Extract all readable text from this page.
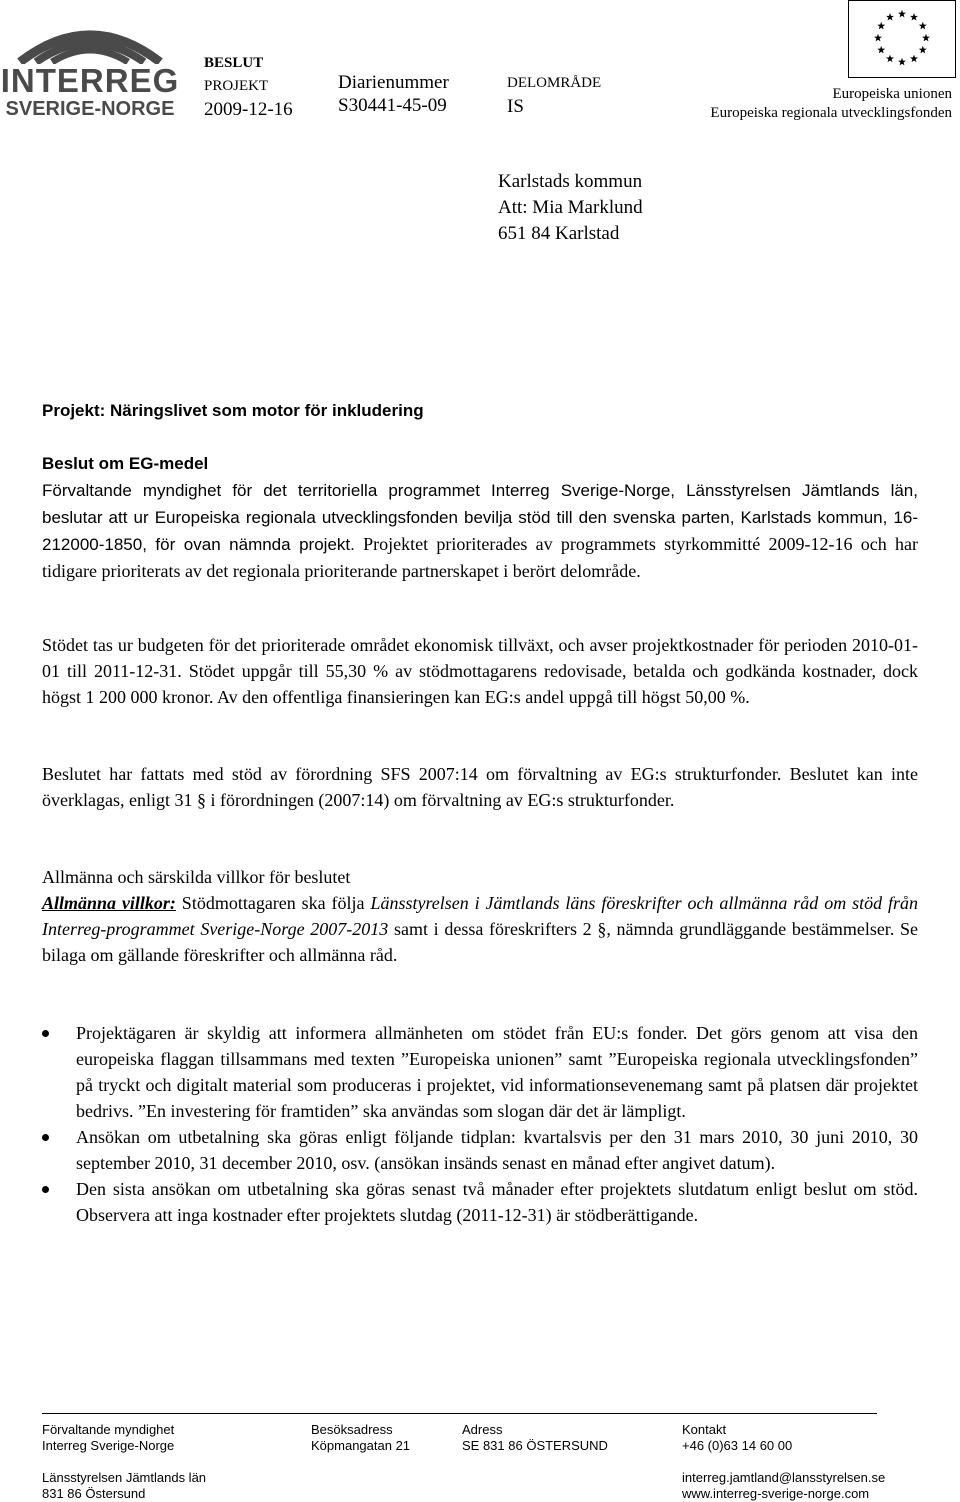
INTERREG
SVERIGE-NORGE
BESLUT
PROJEKT
2009-12-16
Diarienummer
S30441-45-09
DELOMRÅDE
IS
Europeiska unionen
Europeiska regionala utvecklingsfonden
Karlstads kommun
Att: Mia Marklund
651 84 Karlstad
Projekt: Näringslivet som motor för inkludering
Beslut om EG-medel
Förvaltande myndighet för det territoriella programmet Interreg Sverige-Norge, Länsstyrelsen Jämtlands län, beslutar att ur Europeiska regionala utvecklingsfonden bevilja stöd till den svenska parten, Karlstads kommun, 16-212000-1850, för ovan nämnda projekt. Projektet prioriterades av programmets styrkommitté 2009-12-16 och har tidigare prioriterats av det regionala prioriterande partnerskapet i berört delområde.
Stödet tas ur budgeten för det prioriterade området ekonomisk tillväxt, och avser projektkostnader för perioden 2010-01-01 till 2011-12-31. Stödet uppgår till 55,30 % av stödmottagarens redovisade, betalda och godkända kostnader, dock högst 1 200 000 kronor. Av den offentliga finansieringen kan EG:s andel uppgå till högst 50,00 %.
Beslutet har fattats med stöd av förordning SFS 2007:14 om förvaltning av EG:s strukturfonder. Beslutet kan inte överklagas, enligt 31 § i förordningen (2007:14) om förvaltning av EG:s strukturfonder.
Allmänna och särskilda villkor för beslutet
Allmänna villkor: Stödmottagaren ska följa Länsstyrelsen i Jämtlands läns föreskrifter och allmänna råd om stöd från Interreg-programmet Sverige-Norge 2007-2013 samt i dessa föreskrifters 2 §, nämnda grundläggande bestämmelser. Se bilaga om gällande föreskrifter och allmänna råd.
Projektägaren är skyldig att informera allmänheten om stödet från EU:s fonder. Det görs genom att visa den europeiska flaggan tillsammans med texten ”Europeiska unionen” samt ”Europeiska regionala utvecklingsfonden” på tryckt och digitalt material som produceras i projektet, vid informationsevenemang samt på platsen där projektet bedrivs. ”En investering för framtiden” ska användas som slogan där det är lämpligt.
Ansökan om utbetalning ska göras enligt följande tidplan: kvartalsvis per den 31 mars 2010, 30 juni 2010, 30 september 2010, 31 december 2010, osv. (ansökan insänds senast en månad efter angivet datum).
Den sista ansökan om utbetalning ska göras senast två månader efter projektets slutdatum enligt beslut om stöd. Observera att inga kostnader efter projektets slutdag (2011-12-31) är stödberättigande.
Förvaltande myndighet
Interreg Sverige-Norge
Länsstyrelsen Jämtlands län
831 86 Östersund
Besöksadress
Köpmangatan 21
Adress
SE 831 86 ÖSTERSUND
Kontakt
+46 (0)63 14 60 00
interreg.jamtland@lansstyrelsen.se
www.interreg-sverige-norge.com
